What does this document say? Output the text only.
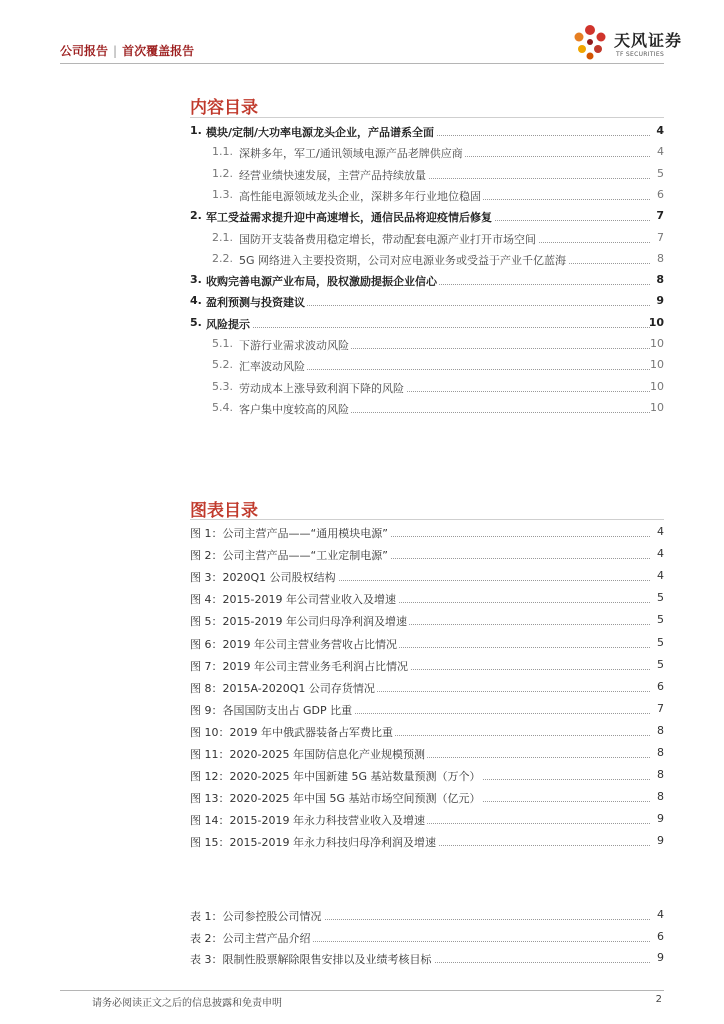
公司报告 | 首次覆盖报告
天风证券
TF SECURITIES
内容目录
1. 模块/定制/大功率电源龙头企业，产品谱系全面	4
1.1. 深耕多年，军工/通讯领域电源产品老牌供应商	4
1.2. 经营业绩快速发展，主营产品持续放量	5
1.3. 高性能电源领域龙头企业，深耕多年行业地位稳固	6
2. 军工受益需求提升迎中高速增长，通信民品将迎疫情后修复	7
2.1. 国防开支装备费用稳定增长，带动配套电源产业打开市场空间	7
2.2. 5G 网络进入主要投资期，公司对应电源业务或受益于产业千亿蓝海	8
3. 收购完善电源产业布局，股权激励提振企业信心	8
4. 盈利预测与投资建议	9
5. 风险提示	10
5.1. 下游行业需求波动风险	10
5.2. 汇率波动风险	10
5.3. 劳动成本上涨导致利润下降的风险	10
5.4. 客户集中度较高的风险	10
图表目录
图 1：公司主营产品——“通用模块电源”	4
图 2：公司主营产品——“工业定制电源”	4
图 3：2020Q1 公司股权结构	4
图 4：2015-2019 年公司营业收入及增速	5
图 5：2015-2019 年公司归母净利润及增速	5
图 6：2019 年公司主营业务营收占比情况	5
图 7：2019 年公司主营业务毛利润占比情况	5
图 8：2015A-2020Q1 公司存货情况	6
图 9：各国国防支出占 GDP 比重	7
图 10：2019 年中俄武器装备占军费比重	8
图 11：2020-2025 年国防信息化产业规模预测	8
图 12：2020-2025 年中国新建 5G 基站数量预测（万个）	8
图 13：2020-2025 年中国 5G 基站市场空间预测（亿元）	8
图 14：2015-2019 年永力科技营业收入及增速	9
图 15：2015-2019 年永力科技归母净利润及增速	9
表 1：公司参控股公司情况	4
表 2：公司主营产品介绍	6
表 3：限制性股票解除限售安排以及业绩考核目标	9
请务必阅读正文之后的信息披露和免责申明	2
